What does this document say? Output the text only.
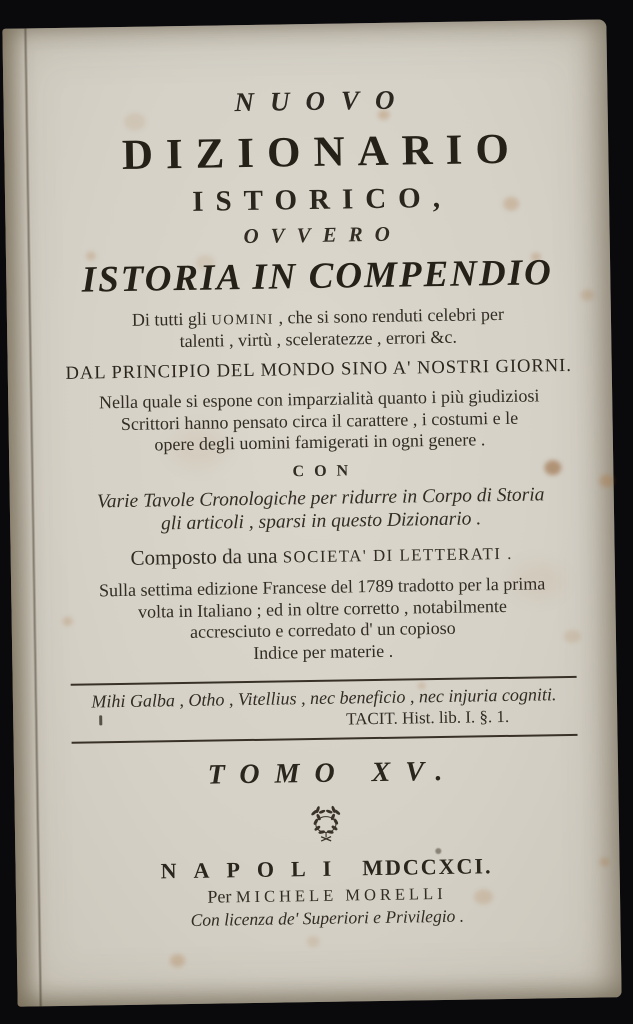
NUOVO
DIZIONARIO
ISTORICO,
OVVERO
ISTORIA IN COMPENDIO
Di tutti gli UOMINI , che si sono renduti celebri per
talenti , virtù , sceleratezze , errori &c.
DAL PRINCIPIO DEL MONDO SINO A' NOSTRI GIORNI.
Nella quale si espone con imparzialità quanto i più giudiziosi
Scrittori hanno pensato circa il carattere , i costumi e le
opere degli uomini famigerati in ogni genere .
CON
Varie Tavole Cronologiche per ridurre in Corpo di Storia
gli articoli , sparsi in questo Dizionario .
Composto da una SOCIETA' DI LETTERATI .
Sulla settima edizione Francese del 1789 tradotto per la prima
volta in Italiano ; ed in oltre corretto , notabilmente
accresciuto e corredato d' un copioso
Indice per materie .
Mihi Galba , Otho , Vitellius , nec beneficio , nec injuria cogniti.
TACIT. Hist. lib. I. §. 1.
TOMO XV.
NAPOLI MDCCXCI.
Per MICHELE MORELLI
Con licenza de' Superiori e Privilegio .
